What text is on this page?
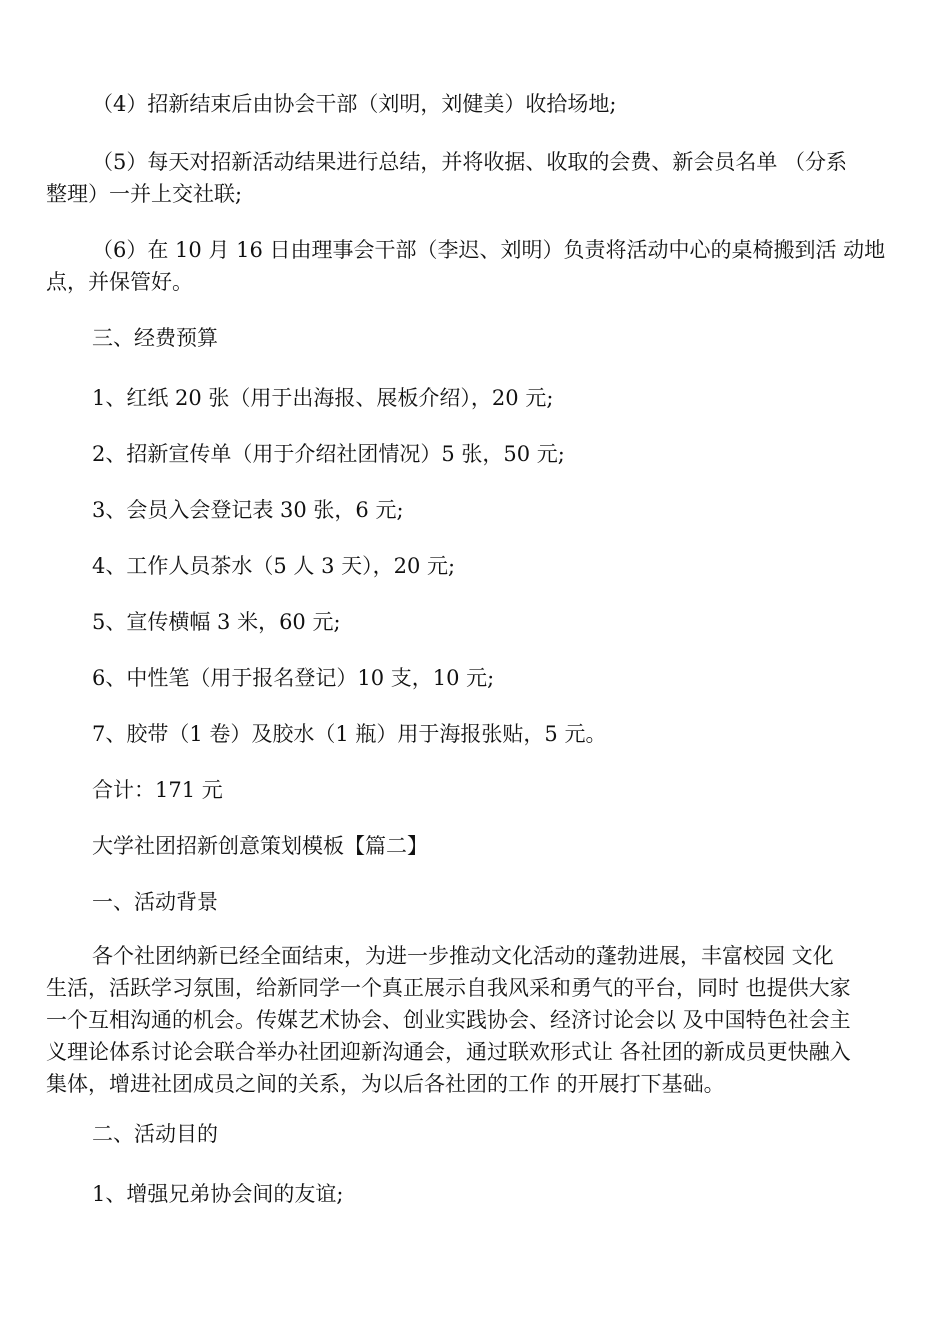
（4）招新结束后由协会干部（刘明，刘健美）收拾场地;

（5）每天对招新活动结果进行总结，并将收据、收取的会费、新会员名单 （分系
整理）一并上交社联;

（6）在 10 月 16 日由理事会干部（李迟、刘明）负责将活动中心的桌椅搬到活 动地
点，并保管好。

三、经费预算

1、红纸 20 张（用于出海报、展板介绍），20 元;

2、招新宣传单（用于介绍社团情况）5 张，50 元;

3、会员入会登记表 30 张，6 元;

4、工作人员茶水（5 人 3 天），20 元;

5、宣传横幅 3 米，60 元;

6、中性笔（用于报名登记）10 支，10 元;

7、胶带（1 卷）及胶水（1 瓶）用于海报张贴，5 元。

合计：171 元

大学社团招新创意策划模板【篇二】

一、活动背景

各个社团纳新已经全面结束，为进一步推动文化活动的蓬勃进展，丰富校园 文化
生活，活跃学习氛围，给新同学一个真正展示自我风采和勇气的平台，同时 也提供大家
一个互相沟通的机会。传媒艺术协会、创业实践协会、经济讨论会以 及中国特色社会主
义理论体系讨论会联合举办社团迎新沟通会，通过联欢形式让 各社团的新成员更快融入
集体，增进社团成员之间的关系，为以后各社团的工作 的开展打下基础。

二、活动目的

1、增强兄弟协会间的友谊;
